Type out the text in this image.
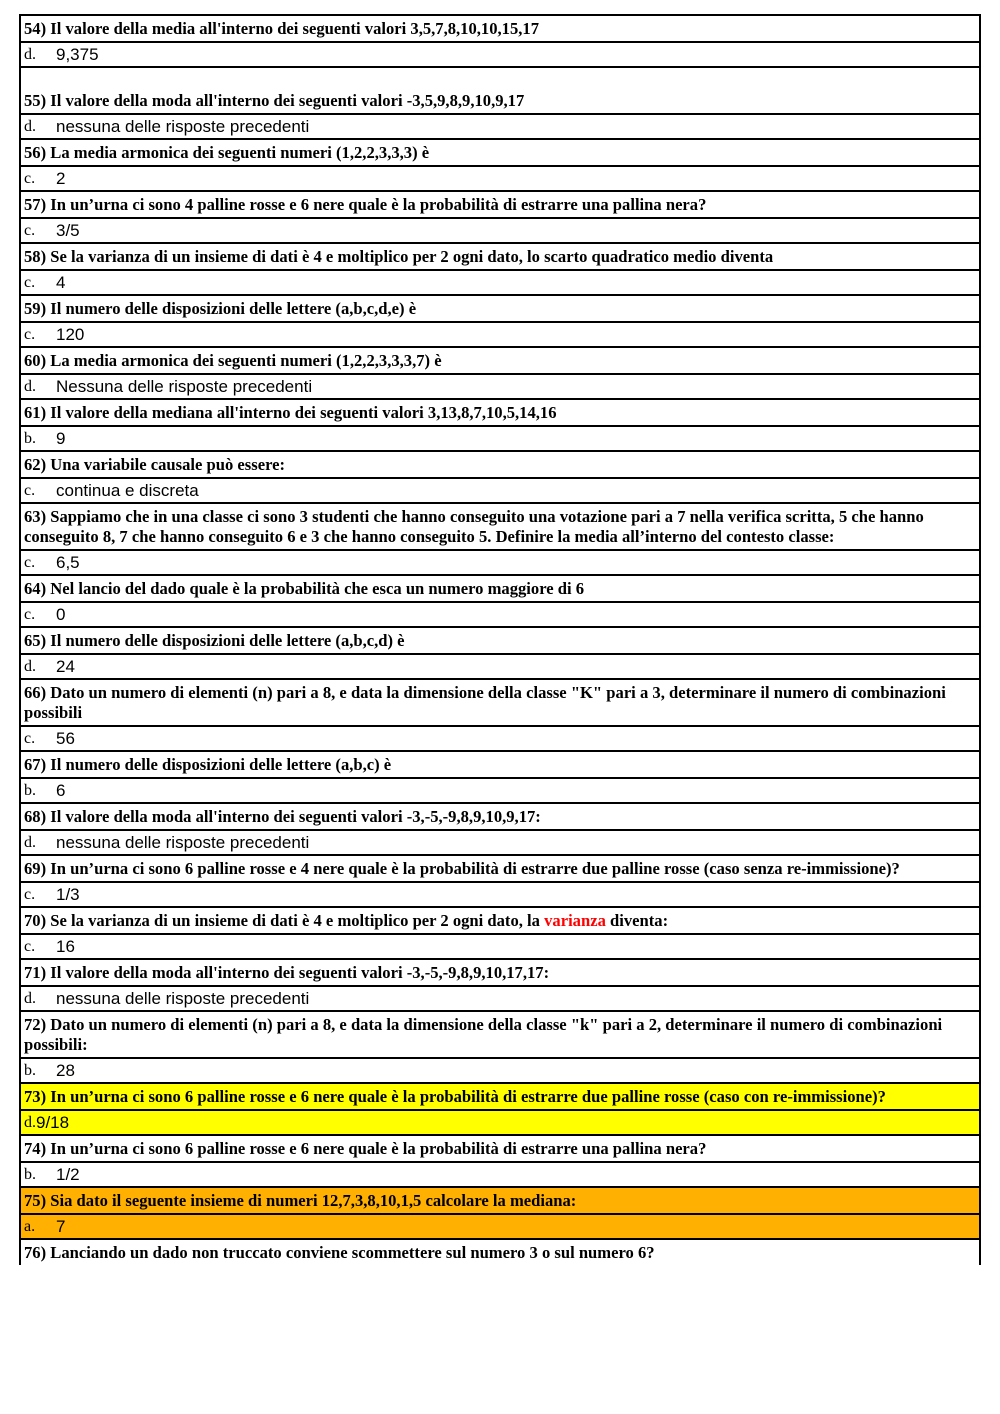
54) Il valore della media all'interno dei seguenti valori 3,5,7,8,10,10,15,17
d.	9,375
55) Il valore della moda all'interno dei seguenti valori -3,5,9,8,9,10,9,17
d.	nessuna delle risposte precedenti
56) La media armonica dei seguenti numeri (1,2,2,3,3,3) è
c.	2
57) In un’urna ci sono 4 palline rosse e 6 nere quale è la probabilità di estrarre una pallina nera?
c.	3/5
58) Se la varianza di un insieme di dati è 4 e moltiplico per 2 ogni dato, lo scarto quadratico medio diventa
c.	4
59) Il numero delle disposizioni delle lettere (a,b,c,d,e) è
c.	120
60) La media armonica dei seguenti numeri (1,2,2,3,3,3,7) è
d.	Nessuna delle risposte precedenti
61) Il valore della mediana all'interno dei seguenti valori 3,13,8,7,10,5,14,16
b.	9
62) Una variabile causale può essere:
c.	continua e discreta
63) Sappiamo che in una classe ci sono 3 studenti che hanno conseguito una votazione pari a 7 nella verifica scritta, 5 che hanno conseguito 8, 7 che hanno conseguito 6 e 3 che hanno conseguito 5. Definire la media all’interno del contesto classe:
c.	6,5
64) Nel lancio del dado quale è la probabilità che esca un numero maggiore di 6
c.	0
65) Il numero delle disposizioni delle lettere (a,b,c,d) è
d.	24
66) Dato un numero di elementi (n) pari a 8, e data la dimensione della classe "K" pari a 3, determinare il numero di combinazioni possibili
c.	56
67) Il numero delle disposizioni delle lettere (a,b,c) è
b.	6
68) Il valore della moda all'interno dei seguenti valori -3,-5,-9,8,9,10,9,17:
d.	nessuna delle risposte precedenti
69) In un’urna ci sono 6 palline rosse e 4 nere quale è la probabilità di estrarre due palline rosse (caso senza re-immissione)?
c.	1/3
70) Se la varianza di un insieme di dati è 4 e moltiplico per 2 ogni dato, la varianza diventa:
c.	16
71) Il valore della moda all'interno dei seguenti valori -3,-5,-9,8,9,10,17,17:
d.	nessuna delle risposte precedenti
72) Dato un numero di elementi (n) pari a 8, e data la dimensione della classe "k" pari a 2, determinare il numero di combinazioni possibili:
b.	28
73) In un’urna ci sono 6 palline rosse e 6 nere quale è la probabilità di estrarre due palline rosse (caso con re-immissione)?
d. 9/18
74) In un’urna ci sono 6 palline rosse e 6 nere quale è la probabilità di estrarre una pallina nera?
b.	1/2
75) Sia dato il seguente insieme di numeri 12,7,3,8,10,1,5 calcolare la mediana:
a.	7
76) Lanciando un dado non truccato conviene scommettere sul numero 3 o sul numero 6?
